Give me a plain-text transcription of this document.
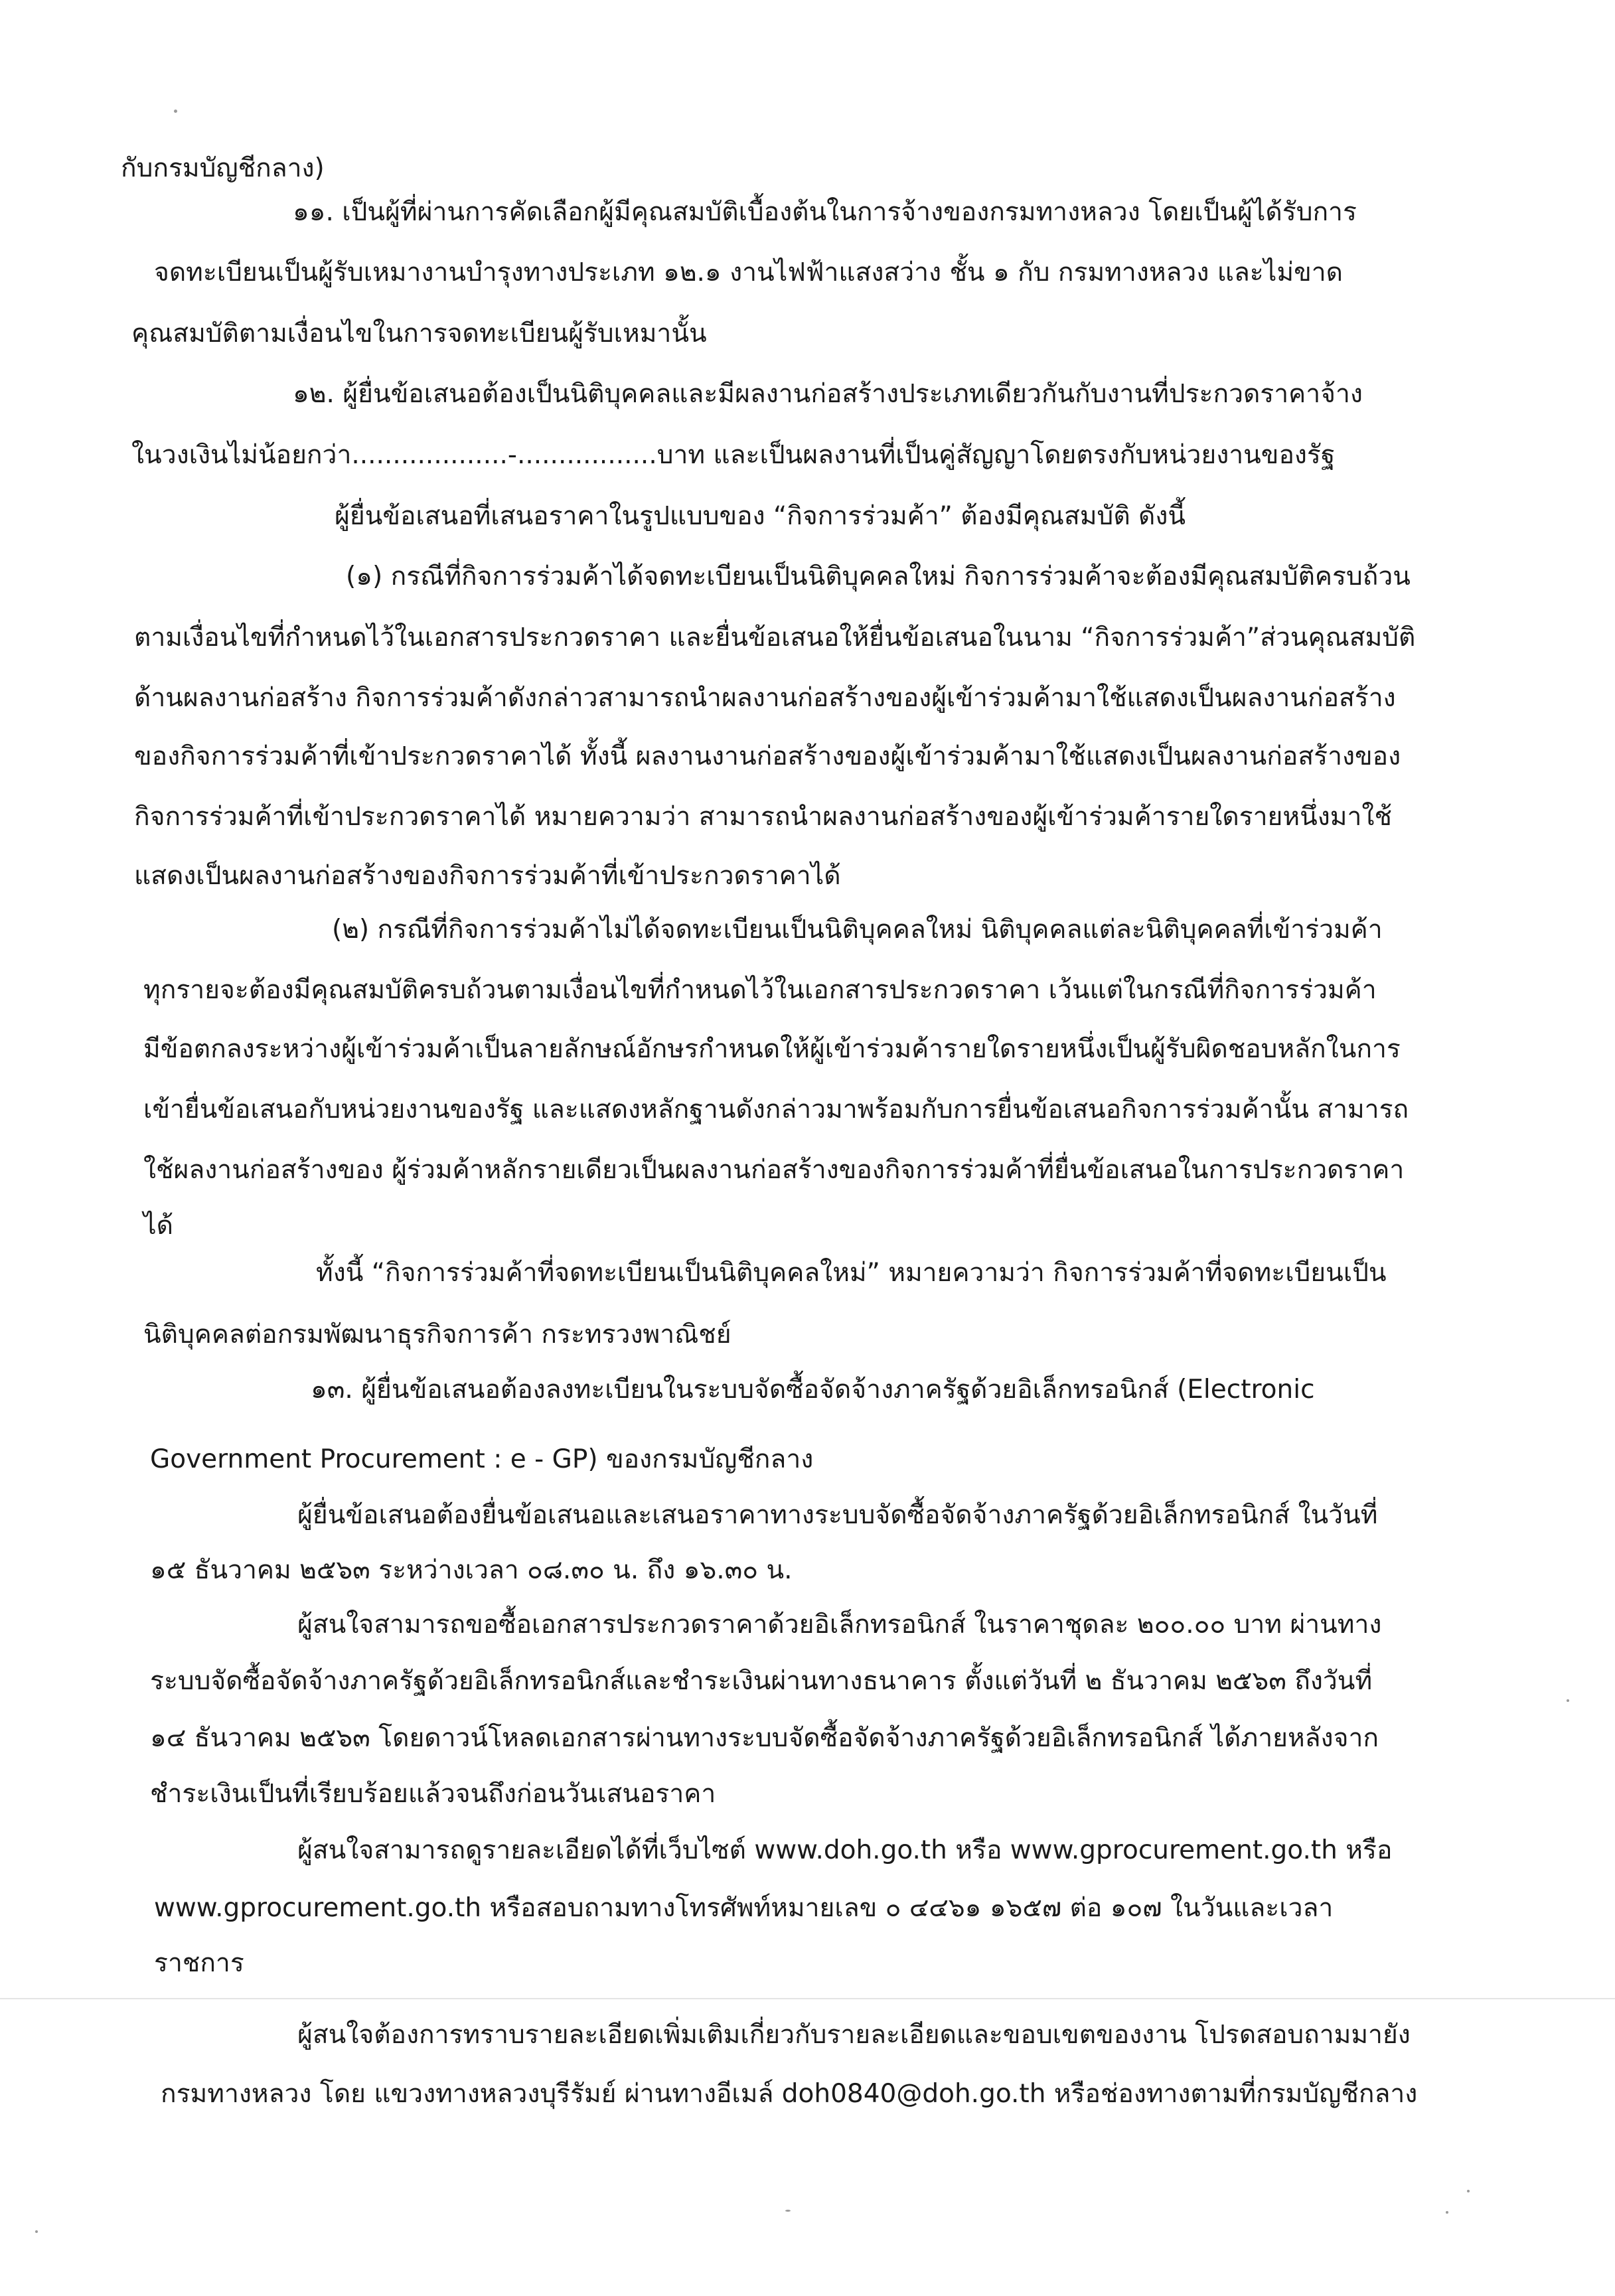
กับกรมบัญชีกลาง)
๑๑. เป็นผู้ที่ผ่านการคัดเลือกผู้มีคุณสมบัติเบื้องต้นในการจ้างของกรมทางหลวง โดยเป็นผู้ได้รับการ
จดทะเบียนเป็นผู้รับเหมางานบำรุงทางประเภท ๑๒.๑ งานไฟฟ้าแสงสว่าง ชั้น ๑ กับ กรมทางหลวง และไม่ขาด
คุณสมบัติตามเงื่อนไขในการจดทะเบียนผู้รับเหมานั้น
๑๒. ผู้ยื่นข้อเสนอต้องเป็นนิติบุคคลและมีผลงานก่อสร้างประเภทเดียวกันกับงานที่ประกวดราคาจ้าง
ในวงเงินไม่น้อยกว่า...................-.................บาท และเป็นผลงานที่เป็นคู่สัญญาโดยตรงกับหน่วยงานของรัฐ
ผู้ยื่นข้อเสนอที่เสนอราคาในรูปแบบของ “กิจการร่วมค้า” ต้องมีคุณสมบัติ ดังนี้
(๑) กรณีที่กิจการร่วมค้าได้จดทะเบียนเป็นนิติบุคคลใหม่ กิจการร่วมค้าจะต้องมีคุณสมบัติครบถ้วน
ตามเงื่อนไขที่กำหนดไว้ในเอกสารประกวดราคา และยื่นข้อเสนอให้ยื่นข้อเสนอในนาม “กิจการร่วมค้า”ส่วนคุณสมบัติ
ด้านผลงานก่อสร้าง กิจการร่วมค้าดังกล่าวสามารถนำผลงานก่อสร้างของผู้เข้าร่วมค้ามาใช้แสดงเป็นผลงานก่อสร้าง
ของกิจการร่วมค้าที่เข้าประกวดราคาได้ ทั้งนี้ ผลงานงานก่อสร้างของผู้เข้าร่วมค้ามาใช้แสดงเป็นผลงานก่อสร้างของ
กิจการร่วมค้าที่เข้าประกวดราคาได้ หมายความว่า สามารถนำผลงานก่อสร้างของผู้เข้าร่วมค้ารายใดรายหนึ่งมาใช้
แสดงเป็นผลงานก่อสร้างของกิจการร่วมค้าที่เข้าประกวดราคาได้
(๒) กรณีที่กิจการร่วมค้าไม่ได้จดทะเบียนเป็นนิติบุคคลใหม่ นิติบุคคลแต่ละนิติบุคคลที่เข้าร่วมค้า
ทุกรายจะต้องมีคุณสมบัติครบถ้วนตามเงื่อนไขที่กำหนดไว้ในเอกสารประกวดราคา เว้นแต่ในกรณีที่กิจการร่วมค้า
มีข้อตกลงระหว่างผู้เข้าร่วมค้าเป็นลายลักษณ์อักษรกำหนดให้ผู้เข้าร่วมค้ารายใดรายหนึ่งเป็นผู้รับผิดชอบหลักในการ
เข้ายื่นข้อเสนอกับหน่วยงานของรัฐ และแสดงหลักฐานดังกล่าวมาพร้อมกับการยื่นข้อเสนอกิจการร่วมค้านั้น สามารถ
ใช้ผลงานก่อสร้างของ ผู้ร่วมค้าหลักรายเดียวเป็นผลงานก่อสร้างของกิจการร่วมค้าที่ยื่นข้อเสนอในการประกวดราคา
ได้
ทั้งนี้ “กิจการร่วมค้าที่จดทะเบียนเป็นนิติบุคคลใหม่” หมายความว่า กิจการร่วมค้าที่จดทะเบียนเป็น
นิติบุคคลต่อกรมพัฒนาธุรกิจการค้า กระทรวงพาณิชย์
๑๓. ผู้ยื่นข้อเสนอต้องลงทะเบียนในระบบจัดซื้อจัดจ้างภาครัฐด้วยอิเล็กทรอนิกส์ (Electronic
Government Procurement : e - GP) ของกรมบัญชีกลาง
ผู้ยื่นข้อเสนอต้องยื่นข้อเสนอและเสนอราคาทางระบบจัดซื้อจัดจ้างภาครัฐด้วยอิเล็กทรอนิกส์ ในวันที่
๑๕ ธันวาคม ๒๕๖๓ ระหว่างเวลา ๐๘.๓๐ น. ถึง ๑๖.๓๐ น.
ผู้สนใจสามารถขอซื้อเอกสารประกวดราคาด้วยอิเล็กทรอนิกส์ ในราคาชุดละ ๒๐๐.๐๐ บาท ผ่านทาง
ระบบจัดซื้อจัดจ้างภาครัฐด้วยอิเล็กทรอนิกส์และชำระเงินผ่านทางธนาคาร ตั้งแต่วันที่ ๒ ธันวาคม ๒๕๖๓ ถึงวันที่
๑๔ ธันวาคม ๒๕๖๓ โดยดาวน์โหลดเอกสารผ่านทางระบบจัดซื้อจัดจ้างภาครัฐด้วยอิเล็กทรอนิกส์ ได้ภายหลังจาก
ชำระเงินเป็นที่เรียบร้อยแล้วจนถึงก่อนวันเสนอราคา
ผู้สนใจสามารถดูรายละเอียดได้ที่เว็บไซต์ www.doh.go.th หรือ www.gprocurement.go.th หรือ
www.gprocurement.go.th หรือสอบถามทางโทรศัพท์หมายเลข ๐ ๔๔๖๑ ๑๖๕๗ ต่อ ๑๐๗ ในวันและเวลา
ราชการ
ผู้สนใจต้องการทราบรายละเอียดเพิ่มเติมเกี่ยวกับรายละเอียดและขอบเขตของงาน โปรดสอบถามมายัง
กรมทางหลวง โดย แขวงทางหลวงบุรีรัมย์ ผ่านทางอีเมล์ doh0840@doh.go.th หรือช่องทางตามที่กรมบัญชีกลาง
